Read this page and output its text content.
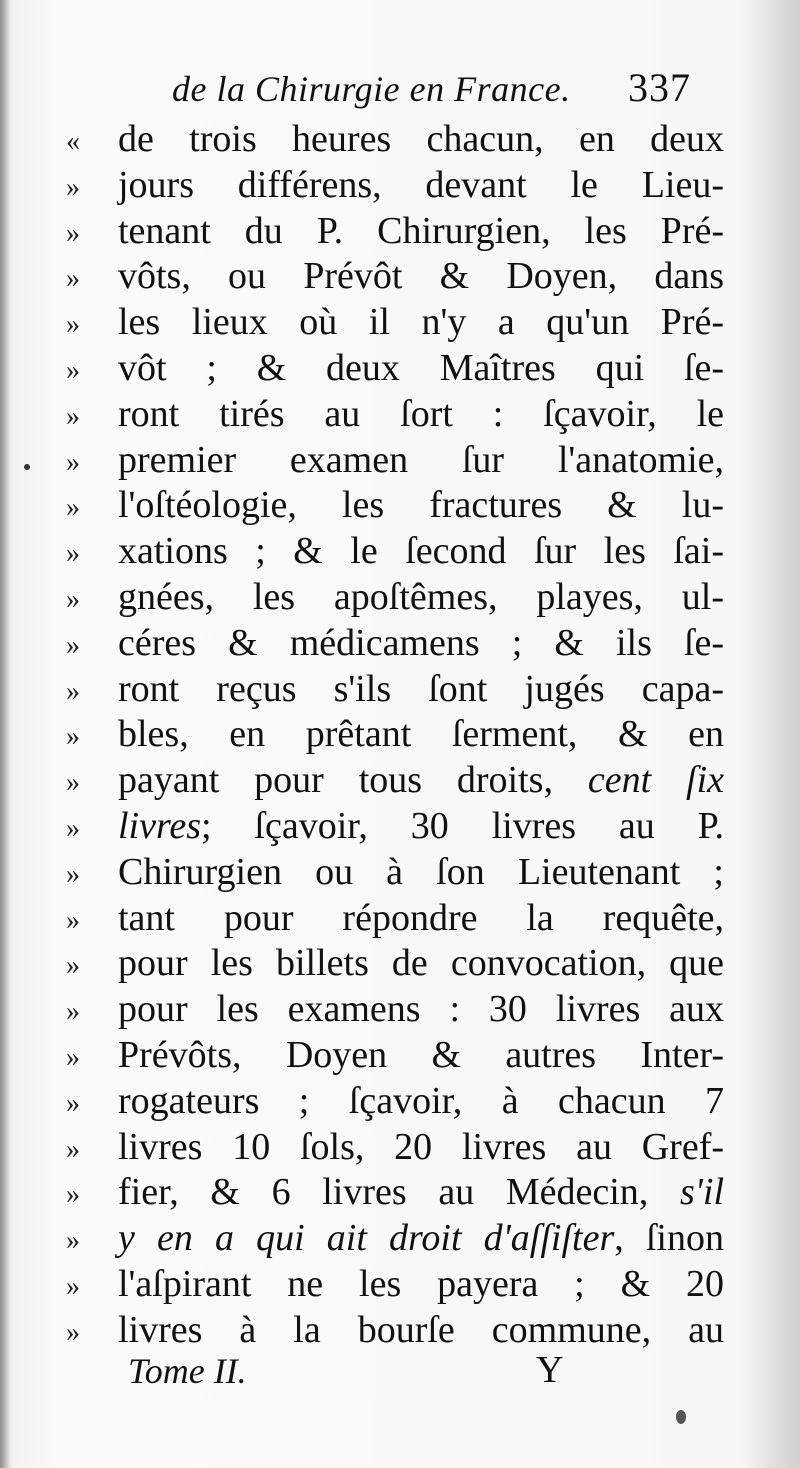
de la Chirurgie en France. 337
« de trois heures chacun, en deux
» jours différens, devant le Lieu-
» tenant du P. Chirurgien, les Pré-
» vôts, ou Prévôt & Doyen, dans
» les lieux où il n'y a qu'un Pré-
» vôt ; & deux Maîtres qui ſe-
» ront tirés au ſort : ſçavoir, le
» premier examen ſur l'anatomie,
» l'oſtéologie, les fractures & lu-
» xations ; & le ſecond ſur les ſai-
» gnées, les apoſtêmes, playes, ul-
» céres & médicamens ; & ils ſe-
» ront reçus s'ils ſont jugés capa-
» bles, en prêtant ſerment, & en
» payant pour tous droits, cent ſix
» livres; ſçavoir, 30 livres au P.
» Chirurgien ou à ſon Lieutenant ;
» tant pour répondre la requête,
» pour les billets de convocation, que
» pour les examens : 30 livres aux
» Prévôts, Doyen & autres Inter-
» rogateurs ; ſçavoir, à chacun 7
» livres 10 ſols, 20 livres au Gref-
» fier, & 6 livres au Médecin, s'il
» y en a qui ait droit d'aſſiſter, ſinon
» l'aſpirant ne les payera ; & 20
» livres à la bourſe commune, au
Tome II.	Y
